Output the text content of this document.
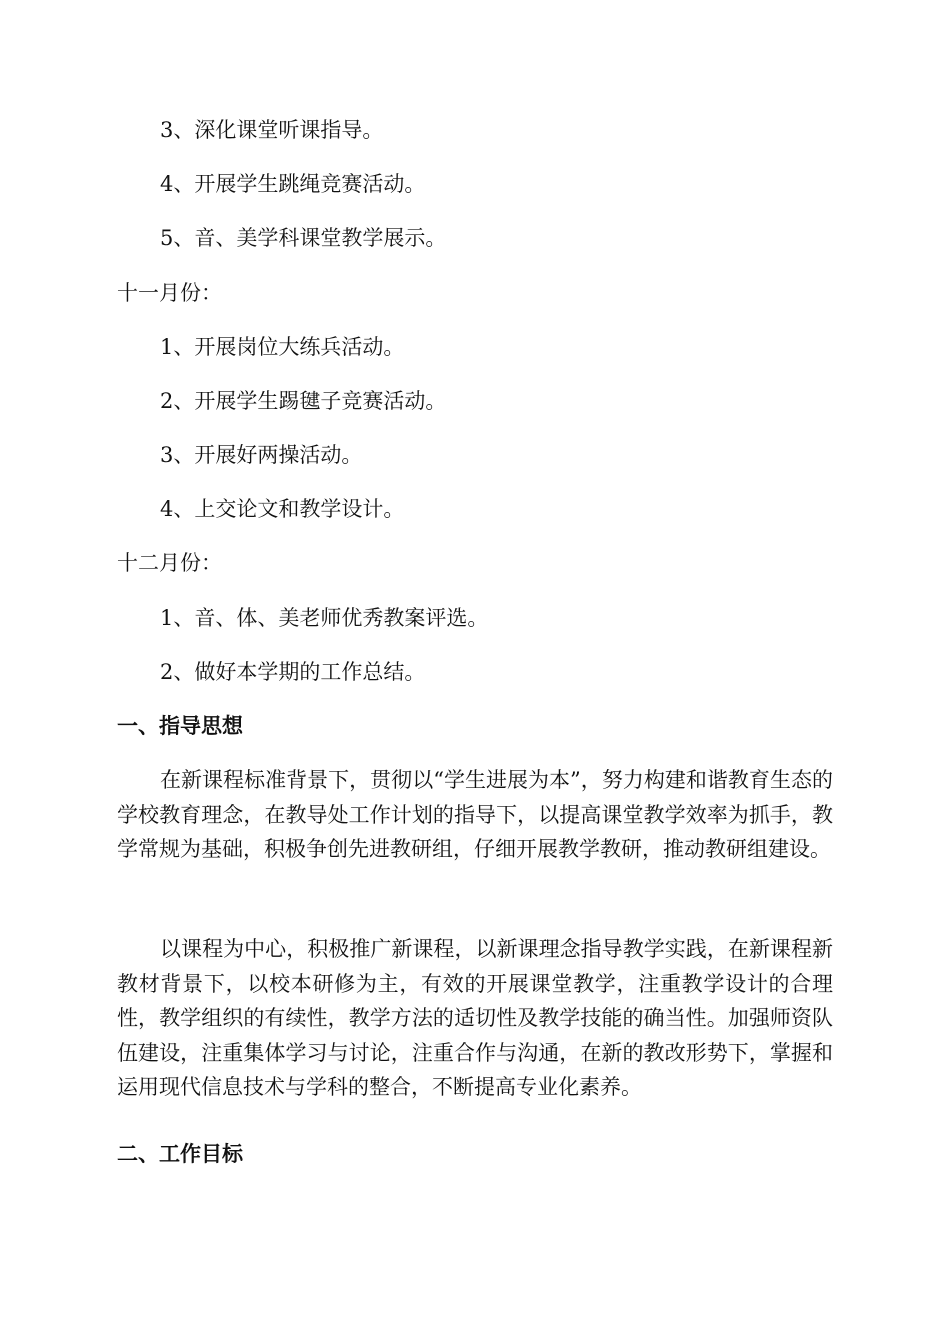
3、深化课堂听课指导。
4、开展学生跳绳竞赛活动。
5、音、美学科课堂教学展示。
十一月份：
1、开展岗位大练兵活动。
2、开展学生踢毽子竞赛活动。
3、开展好两操活动。
4、上交论文和教学设计。
十二月份：
1、音、体、美老师优秀教案评选。
2、做好本学期的工作总结。
一、指导思想
在新课程标准背景下，贯彻以“学生进展为本”，努力构建和谐教育生态的学校教育理念，在教导处工作计划的指导下，以提高课堂教学效率为抓手，教学常规为基础，积极争创先进教研组，仔细开展教学教研，推动教研组建设。
以课程为中心，积极推广新课程，以新课理念指导教学实践，在新课程新教材背景下，以校本研修为主，有效的开展课堂教学，注重教学设计的合理性，教学组织的有续性，教学方法的适切性及教学技能的确当性。加强师资队伍建设，注重集体学习与讨论，注重合作与沟通，在新的教改形势下，掌握和运用现代信息技术与学科的整合，不断提高专业化素养。
二、工作目标
